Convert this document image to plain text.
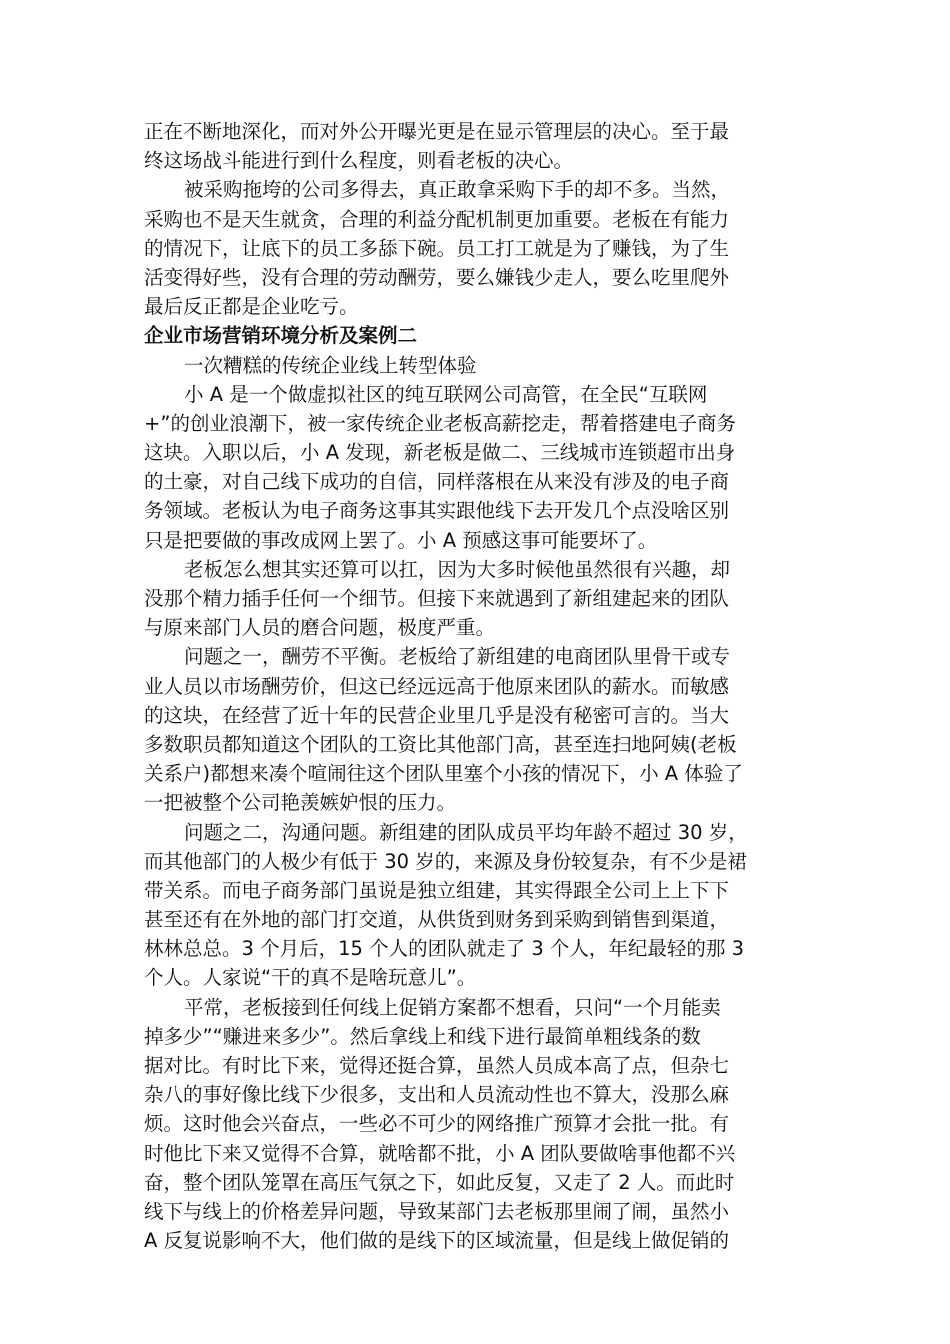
正在不断地深化，而对外公开曝光更是在显示管理层的决心。至于最
终这场战斗能进行到什么程度，则看老板的决心。
被采购拖垮的公司多得去，真正敢拿采购下手的却不多。当然，
采购也不是天生就贪，合理的利益分配机制更加重要。老板在有能力
的情况下，让底下的员工多舔下碗。员工打工就是为了赚钱，为了生
活变得好些，没有合理的劳动酬劳，要么嫌钱少走人，要么吃里爬外
最后反正都是企业吃亏。
企业市场营销环境分析及案例二
一次糟糕的传统企业线上转型体验
小 A 是一个做虚拟社区的纯互联网公司高管，在全民“互联网
+”的创业浪潮下，被一家传统企业老板高薪挖走，帮着搭建电子商务
这块。入职以后，小 A 发现，新老板是做二、三线城市连锁超市出身
的土豪，对自己线下成功的自信，同样落根在从来没有涉及的电子商
务领域。老板认为电子商务这事其实跟他线下去开发几个点没啥区别
只是把要做的事改成网上罢了。小 A 预感这事可能要坏了。
老板怎么想其实还算可以扛，因为大多时候他虽然很有兴趣，却
没那个精力插手任何一个细节。但接下来就遇到了新组建起来的团队
与原来部门人员的磨合问题，极度严重。
问题之一，酬劳不平衡。老板给了新组建的电商团队里骨干或专
业人员以市场酬劳价，但这已经远远高于他原来团队的薪水。而敏感
的这块，在经营了近十年的民营企业里几乎是没有秘密可言的。当大
多数职员都知道这个团队的工资比其他部门高，甚至连扫地阿姨(老板
关系户)都想来凑个喧闹往这个团队里塞个小孩的情况下，小 A 体验了
一把被整个公司艳羡嫉妒恨的压力。
问题之二，沟通问题。新组建的团队成员平均年龄不超过 30 岁，
而其他部门的人极少有低于 30 岁的，来源及身份较复杂，有不少是裙
带关系。而电子商务部门虽说是独立组建，其实得跟全公司上上下下
甚至还有在外地的部门打交道，从供货到财务到采购到销售到渠道，
林林总总。3 个月后，15 个人的团队就走了 3 个人，年纪最轻的那 3
个人。人家说“干的真不是啥玩意儿”。
平常，老板接到任何线上促销方案都不想看，只问“一个月能卖
掉多少”“赚进来多少”。然后拿线上和线下进行最简单粗线条的数
据对比。有时比下来，觉得还挺合算，虽然人员成本高了点，但杂七
杂八的事好像比线下少很多，支出和人员流动性也不算大，没那么麻
烦。这时他会兴奋点，一些必不可少的网络推广预算才会批一批。有
时他比下来又觉得不合算，就啥都不批，小 A 团队要做啥事他都不兴
奋，整个团队笼罩在高压气氛之下，如此反复，又走了 2 人。而此时
线下与线上的价格差异问题，导致某部门去老板那里闹了闹，虽然小
A 反复说影响不大，他们做的是线下的区域流量，但是线上做促销的
